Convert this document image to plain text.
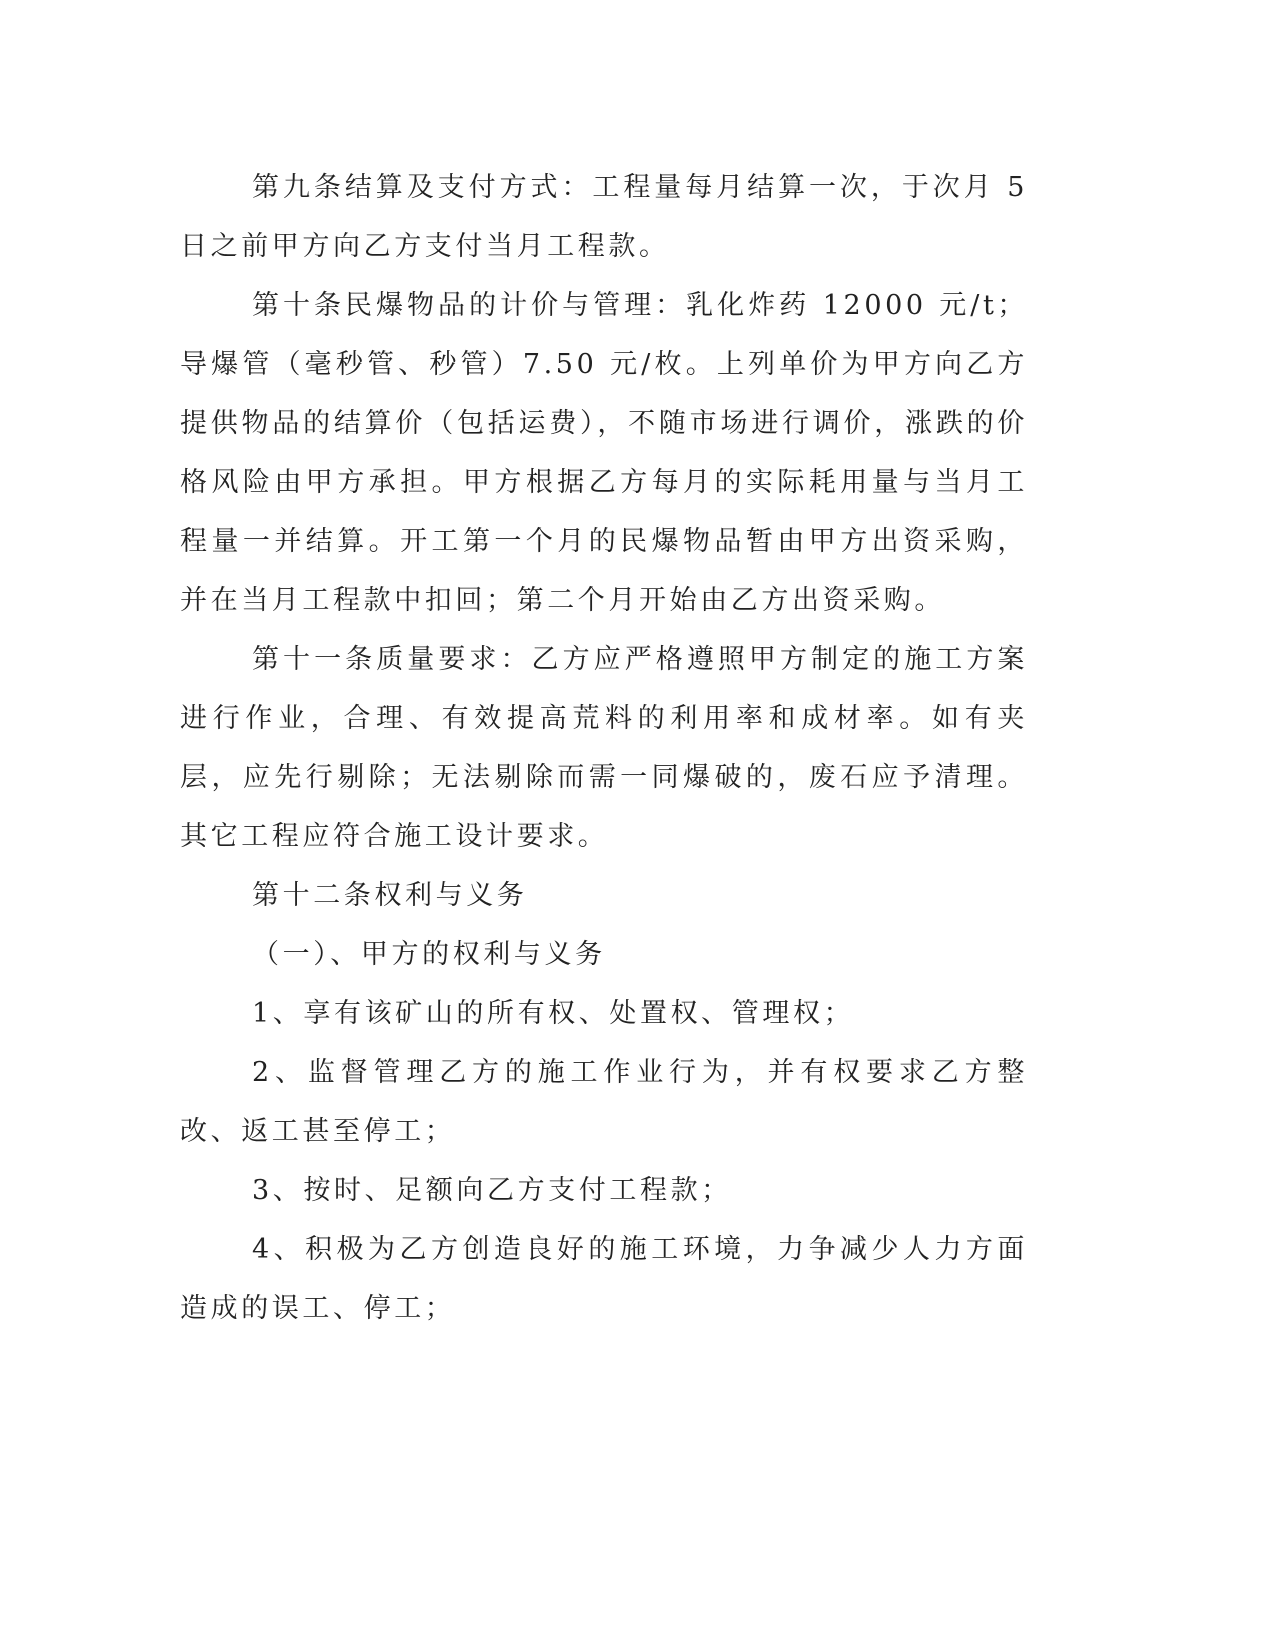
第九条结算及支付方式：工程量每月结算一次，于次月 5 日之前甲方向乙方支付当月工程款。

第十条民爆物品的计价与管理：乳化炸药 12000 元/t；导爆管（毫秒管、秒管）7.50 元/枚。上列单价为甲方向乙方提供物品的结算价（包括运费），不随市场进行调价，涨跌的价格风险由甲方承担。甲方根据乙方每月的实际耗用量与当月工程量一并结算。开工第一个月的民爆物品暂由甲方出资采购，并在当月工程款中扣回；第二个月开始由乙方出资采购。

第十一条质量要求：乙方应严格遵照甲方制定的施工方案进行作业，合理、有效提高荒料的利用率和成材率。如有夹层，应先行剔除；无法剔除而需一同爆破的，废石应予清理。其它工程应符合施工设计要求。

第十二条权利与义务

（一）、甲方的权利与义务

1、享有该矿山的所有权、处置权、管理权；

2、监督管理乙方的施工作业行为，并有权要求乙方整改、返工甚至停工；

3、按时、足额向乙方支付工程款；

4、积极为乙方创造良好的施工环境，力争减少人力方面造成的误工、停工；
